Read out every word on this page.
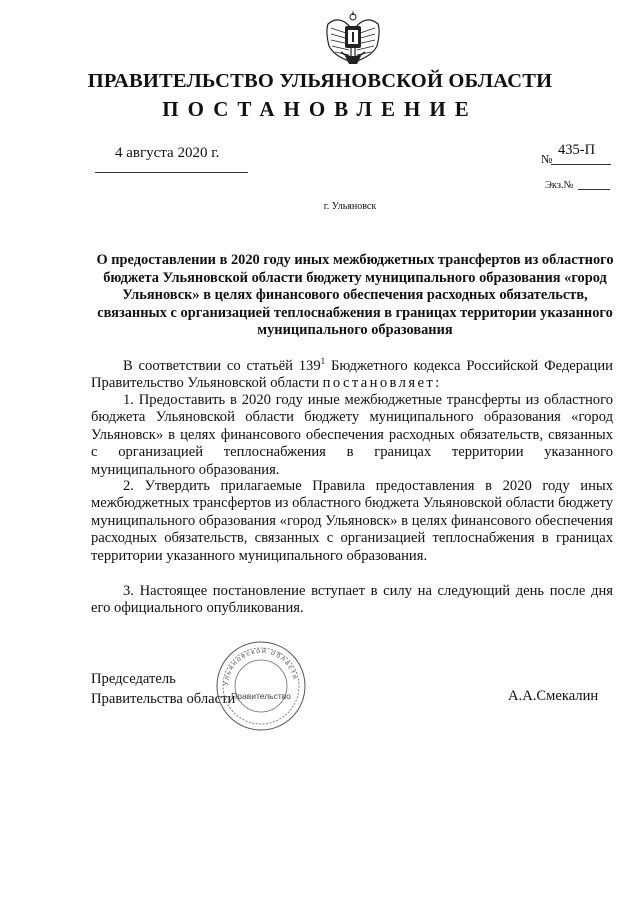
ПРАВИТЕЛЬСТВО УЛЬЯНОВСКОЙ ОБЛАСТИ
ПОСТАНОВЛЕНИЕ
4 августа 2020 г.	№
435-П
Экз.№
г. Ульяновск
О предоставлении в 2020 году иных межбюджетных трансфертов из областного бюджета Ульяновской области бюджету муниципального образования «город Ульяновск» в целях финансового обеспечения расходных обязательств, связанных с организацией теплоснабжения в границах территории указанного муниципального образования

В соответствии со статьёй $139^1$ Бюджетного кодекса Российской Федерации Правительство Ульяновской области постановляет:

1. Предоставить в 2020 году иные межбюджетные трансферты из областного бюджета Ульяновской области бюджету муниципального образования «город Ульяновск» в целях финансового обеспечения расходных обязательств, связанных с организацией теплоснабжения в границах территории указанного муниципального образования.

2. Утвердить прилагаемые Правила предоставления в 2020 году иных межбюджетных трансфертов из областного бюджета Ульяновской области бюджету муниципального образования «город Ульяновск» в целях финансового обеспечения расходных обязательств, связанных с организацией теплоснабжения в границах территории указанного муниципального образования.

3. Настоящее постановление вступает в силу на следующий день после дня его официального опубликования.

Председатель
Правительства области	А.А.Смекалин
Ульяновской области
Правительство
